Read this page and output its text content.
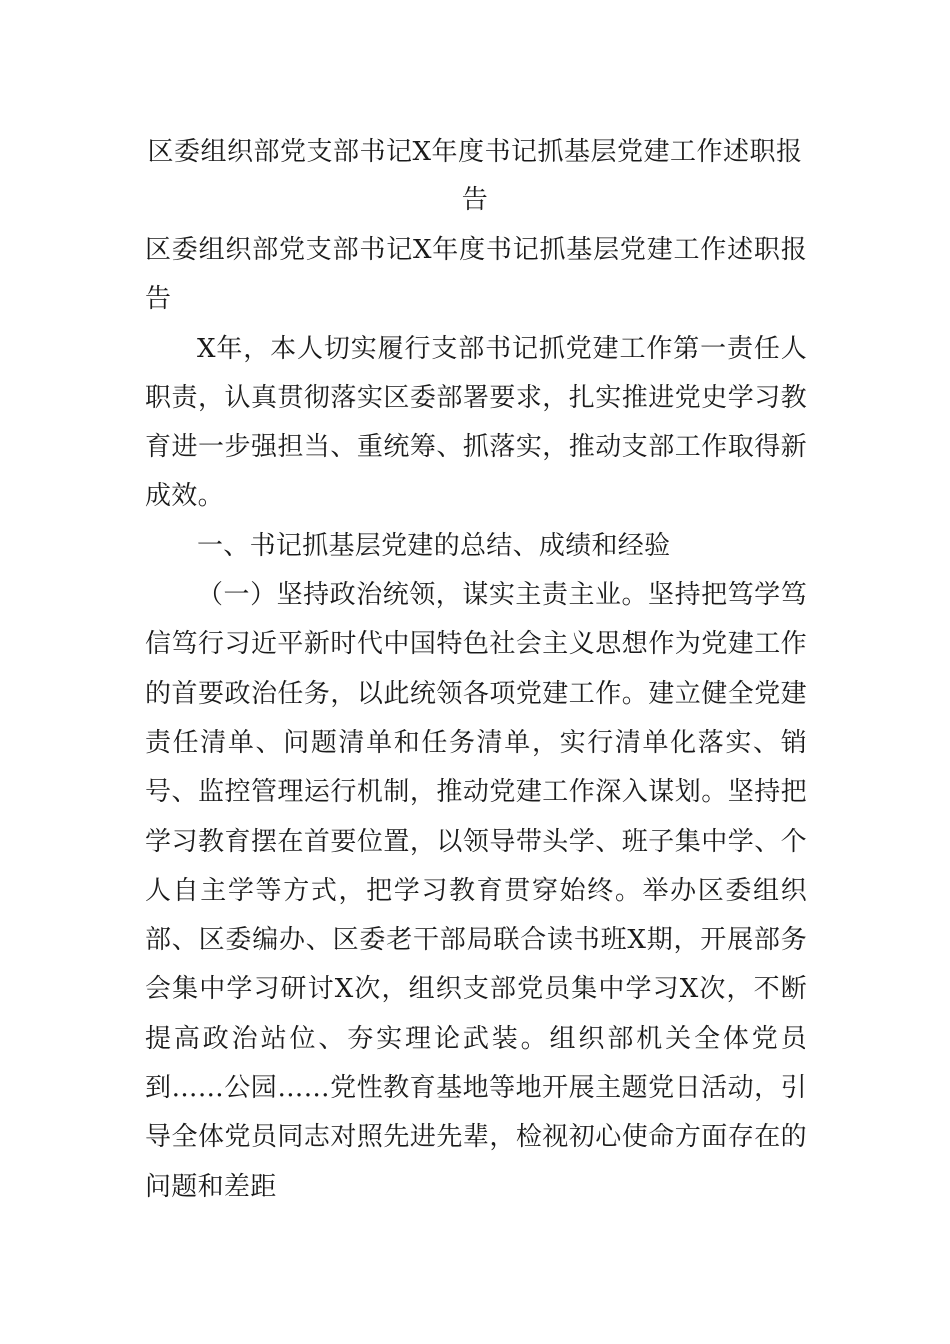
区委组织部党支部书记X年度书记抓基层党建工作述职报告

区委组织部党支部书记X年度书记抓基层党建工作述职报告

X年，本人切实履行支部书记抓党建工作第一责任人职责，认真贯彻落实区委部署要求，扎实推进党史学习教育进一步强担当、重统筹、抓落实，推动支部工作取得新成效。

一、书记抓基层党建的总结、成绩和经验

（一）坚持政治统领，谋实主责主业。坚持把笃学笃信笃行习近平新时代中国特色社会主义思想作为党建工作的首要政治任务，以此统领各项党建工作。建立健全党建责任清单、问题清单和任务清单，实行清单化落实、销号、监控管理运行机制，推动党建工作深入谋划。坚持把学习教育摆在首要位置，以领导带头学、班子集中学、个人自主学等方式，把学习教育贯穿始终。举办区委组织部、区委编办、区委老干部局联合读书班X期，开展部务会集中学习研讨X次，组织支部党员集中学习X次，不断提高政治站位、夯实理论武装。组织部机关全体党员到……公园……党性教育基地等地开展主题党日活动，引导全体党员同志对照先进先辈，检视初心使命方面存在的问题和差距
